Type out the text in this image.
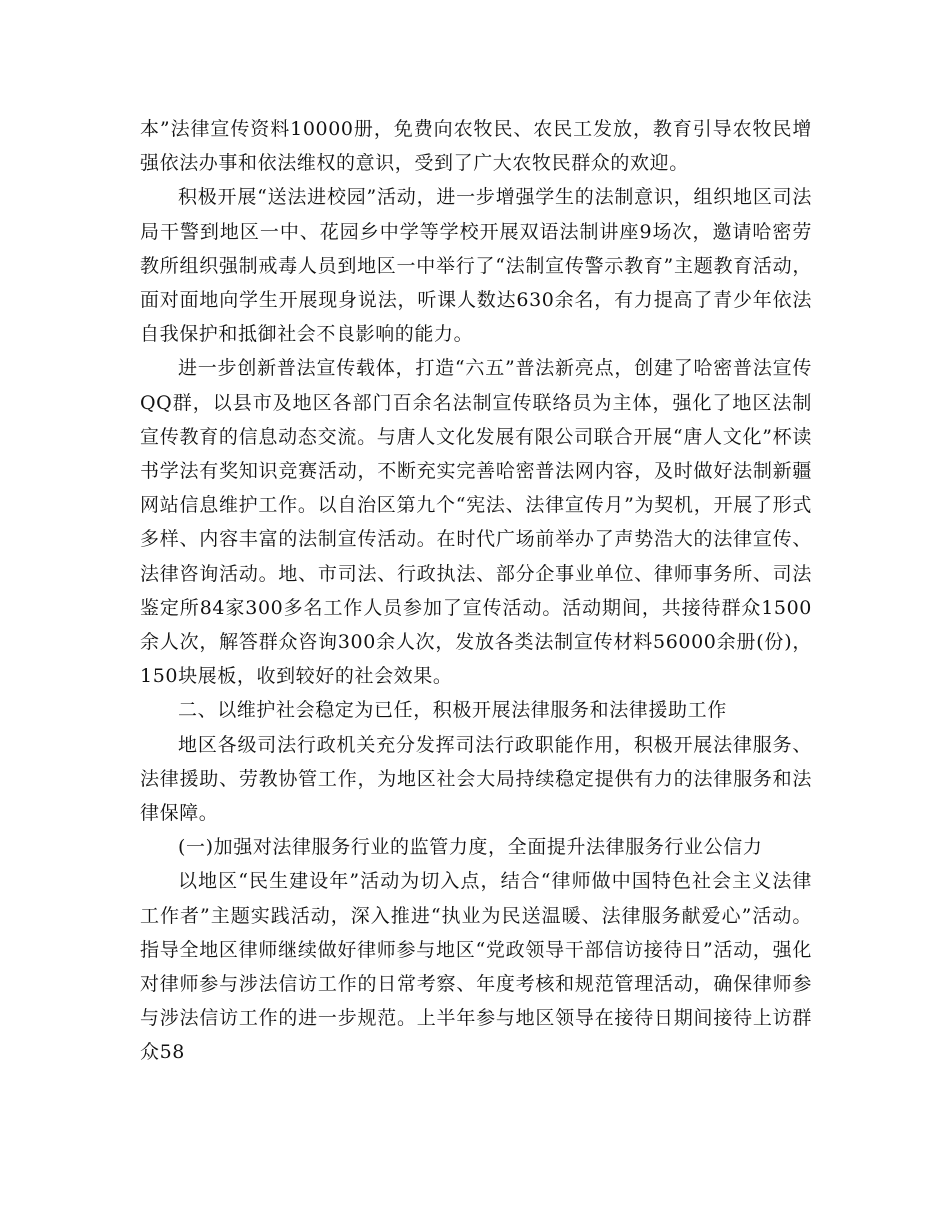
本”法律宣传资料10000册，免费向农牧民、农民工发放，教育引导农牧民增强依法办事和依法维权的意识，受到了广大农牧民群众的欢迎。

积极开展“送法进校园”活动，进一步增强学生的法制意识，组织地区司法局干警到地区一中、花园乡中学等学校开展双语法制讲座9场次，邀请哈密劳教所组织强制戒毒人员到地区一中举行了“法制宣传警示教育”主题教育活动，面对面地向学生开展现身说法，听课人数达630余名，有力提高了青少年依法自我保护和抵御社会不良影响的能力。

进一步创新普法宣传载体，打造“六五”普法新亮点，创建了哈密普法宣传QQ群，以县市及地区各部门百余名法制宣传联络员为主体，强化了地区法制宣传教育的信息动态交流。与唐人文化发展有限公司联合开展“唐人文化”杯读书学法有奖知识竞赛活动，不断充实完善哈密普法网内容，及时做好法制新疆网站信息维护工作。以自治区第九个“宪法、法律宣传月”为契机，开展了形式多样、内容丰富的法制宣传活动。在时代广场前举办了声势浩大的法律宣传、法律咨询活动。地、市司法、行政执法、部分企事业单位、律师事务所、司法鉴定所84家300多名工作人员参加了宣传活动。活动期间，共接待群众1500余人次，解答群众咨询300余人次，发放各类法制宣传材料56000余册(份)，150块展板，收到较好的社会效果。

二、以维护社会稳定为已任，积极开展法律服务和法律援助工作

地区各级司法行政机关充分发挥司法行政职能作用，积极开展法律服务、法律援助、劳教协管工作，为地区社会大局持续稳定提供有力的法律服务和法律保障。

(一)加强对法律服务行业的监管力度，全面提升法律服务行业公信力

以地区“民生建设年”活动为切入点，结合“律师做中国特色社会主义法律工作者”主题实践活动，深入推进“执业为民送温暖、法律服务献爱心”活动。指导全地区律师继续做好律师参与地区“党政领导干部信访接待日”活动，强化对律师参与涉法信访工作的日常考察、年度考核和规范管理活动，确保律师参与涉法信访工作的进一步规范。上半年参与地区领导在接待日期间接待上访群众58
